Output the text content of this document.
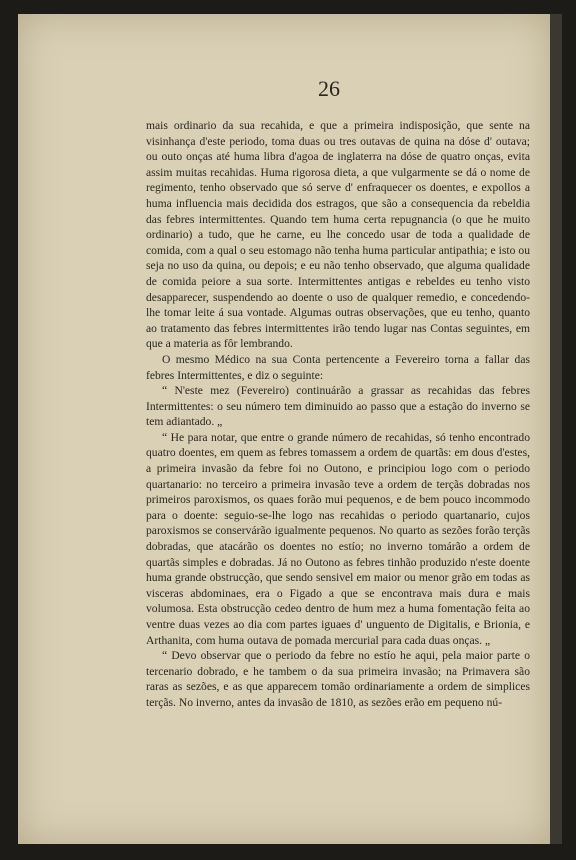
26

mais ordinario da sua recahida, e que a primeira indisposição, que sente na visinhança d'este periodo, toma duas ou tres outavas de quina na dóse d' outava; ou outo onças até huma libra d'agoa de inglaterra na dóse de quatro onças, evita assim muitas recahidas. Huma rigorosa dieta, a que vulgarmente se dá o nome de regimento, tenho observado que só serve d' enfraquecer os doentes, e expollos a huma influencia mais decidida dos estragos, que são a consequencia da rebeldia das febres intermittentes. Quando tem huma certa repugnancia (o que he muito ordinario) a tudo, que he carne, eu lhe concedo usar de toda a qualidade de comida, com a qual o seu estomago não tenha huma particular antipathia; e isto ou seja no uso da quina, ou depois; e eu não tenho observado, que alguma qualidade de comida peiore a sua sorte. Intermittentes antigas e rebeldes eu tenho visto desapparecer, suspendendo ao doente o uso de qualquer remedio, e concedendo-lhe tomar leite á sua vontade. Algumas outras observações, que eu tenho, quanto ao tratamento das febres intermittentes irão tendo lugar nas Contas seguintes, em que a materia as fôr lembrando.

O mesmo Médico na sua Conta pertencente a Fevereiro torna a fallar das febres Intermittentes, e diz o seguinte:

“ N'este mez (Fevereiro) continuárão a grassar as recahidas das febres Intermittentes: o seu número tem diminuido ao passo que a estação do inverno se tem adiantado. „

“ He para notar, que entre o grande número de recahidas, só tenho encontrado quatro doentes, em quem as febres tomassem a ordem de quartãs: em dous d'estes, a primeira invasão da febre foi no Outono, e principiou logo com o periodo quartanario: no terceiro a primeira invasão teve a ordem de terçãs dobradas nos primeiros paroxismos, os quaes forão mui pequenos, e de bem pouco incommodo para o doente: seguio-se-lhe logo nas recahidas o periodo quartanario, cujos paroxismos se conservárão igualmente pequenos. No quarto as sezões forão terçãs dobradas, que atacárão os doentes no estío; no inverno tomárão a ordem de quartãs simples e dobradas. Já no Outono as febres tinhão produzido n'este doente huma grande obstrucção, que sendo sensivel em maior ou menor grão em todas as visceras abdominaes, era o Figado a que se encontrava mais dura e mais volumosa. Esta obstrucção cedeo dentro de hum mez a huma fomentação feita ao ventre duas vezes ao dia com partes iguaes d' unguento de Digitalis, e Brionia, e Arthanita, com huma outava de pomada mercurial para cada duas onças. „

“ Devo observar que o periodo da febre no estío he aqui, pela maior parte o tercenario dobrado, e he tambem o da sua primeira invasão; na Primavera são raras as sezões, e as que apparecem tomão ordinariamente a ordem de simplices terçãs. No inverno, antes da invasão de 1810, as sezões erão em pequeno nú-
